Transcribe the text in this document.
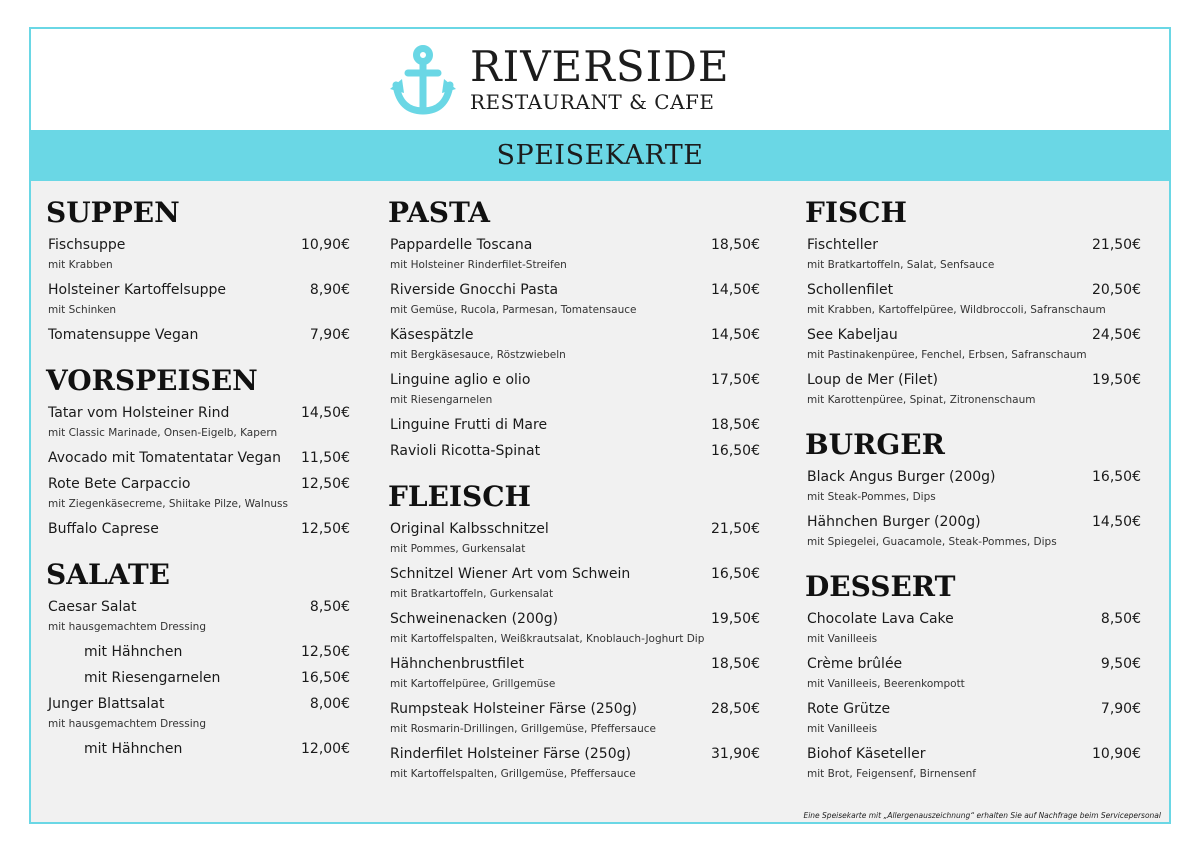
RIVERSIDE
RESTAURANT & CAFE
SPEISEKARTE
SUPPEN
Fischsuppe	10,90€
mit Krabben
Holsteiner Kartoffelsuppe	8,90€
mit Schinken
Tomatensuppe Vegan	7,90€
VORSPEISEN
Tatar vom Holsteiner Rind	14,50€
mit Classic Marinade, Onsen-Eigelb, Kapern
Avocado mit Tomatentatar Vegan 11,50€
Rote Bete Carpaccio	12,50€
mit Ziegenkäsecreme, Shiitake Pilze, Walnuss
Buffalo Caprese	12,50€
SALATE
Caesar Salat	8,50€
mit hausgemachtem Dressing
mit Hähnchen	12,50€
mit Riesengarnelen	16,50€
Junger Blattsalat	8,00€
mit hausgemachtem Dressing
mit Hähnchen	12,00€
PASTA
Pappardelle Toscana	18,50€
mit Holsteiner Rinderfilet-Streifen
Riverside Gnocchi Pasta	14,50€
mit Gemüse, Rucola, Parmesan, Tomatensauce
Käsespätzle	14,50€
mit Bergkäsesauce, Röstzwiebeln
Linguine aglio e olio	17,50€
mit Riesengarnelen
Linguine Frutti di Mare	18,50€
Ravioli Ricotta-Spinat	16,50€
FLEISCH
Original Kalbsschnitzel	21,50€
mit Pommes, Gurkensalat
Schnitzel Wiener Art vom Schwein	16,50€
mit Bratkartoffeln, Gurkensalat
Schweinenacken (200g)	19,50€
mit Kartoffelspalten, Weißkrautsalat, Knoblauch-Joghurt Dip
Hähnchenbrustfilet	18,50€
mit Kartoffelpüree, Grillgemüse
Rumpsteak Holsteiner Färse (250g)	28,50€
mit Rosmarin-Drillingen, Grillgemüse, Pfeffersauce
Rinderfilet Holsteiner Färse (250g)	31,90€
mit Kartoffelspalten, Grillgemüse, Pfeffersauce
FISCH
Fischteller	21,50€
mit Bratkartoffeln, Salat, Senfsauce
Schollenfilet	20,50€
mit Krabben, Kartoffelpüree, Wildbroccoli, Safranschaum
See Kabeljau	24,50€
mit Pastinakenpüree, Fenchel, Erbsen, Safranschaum
Loup de Mer (Filet)	19,50€
mit Karottenpüree, Spinat, Zitronenschaum
BURGER
Black Angus Burger (200g)	16,50€
mit Steak-Pommes, Dips
Hähnchen Burger (200g)	14,50€
mit Spiegelei, Guacamole, Steak-Pommes, Dips
DESSERT
Chocolate Lava Cake	8,50€
mit Vanilleeis
Crème brûlée	9,50€
mit Vanilleeis, Beerenkompott
Rote Grütze	7,90€
mit Vanilleeis
Biohof Käseteller	10,90€
mit Brot, Feigensenf, Birnensenf
Eine Speisekarte mit „Allergenauszeichnung“ erhalten Sie auf Nachfrage beim Servicepersonal
